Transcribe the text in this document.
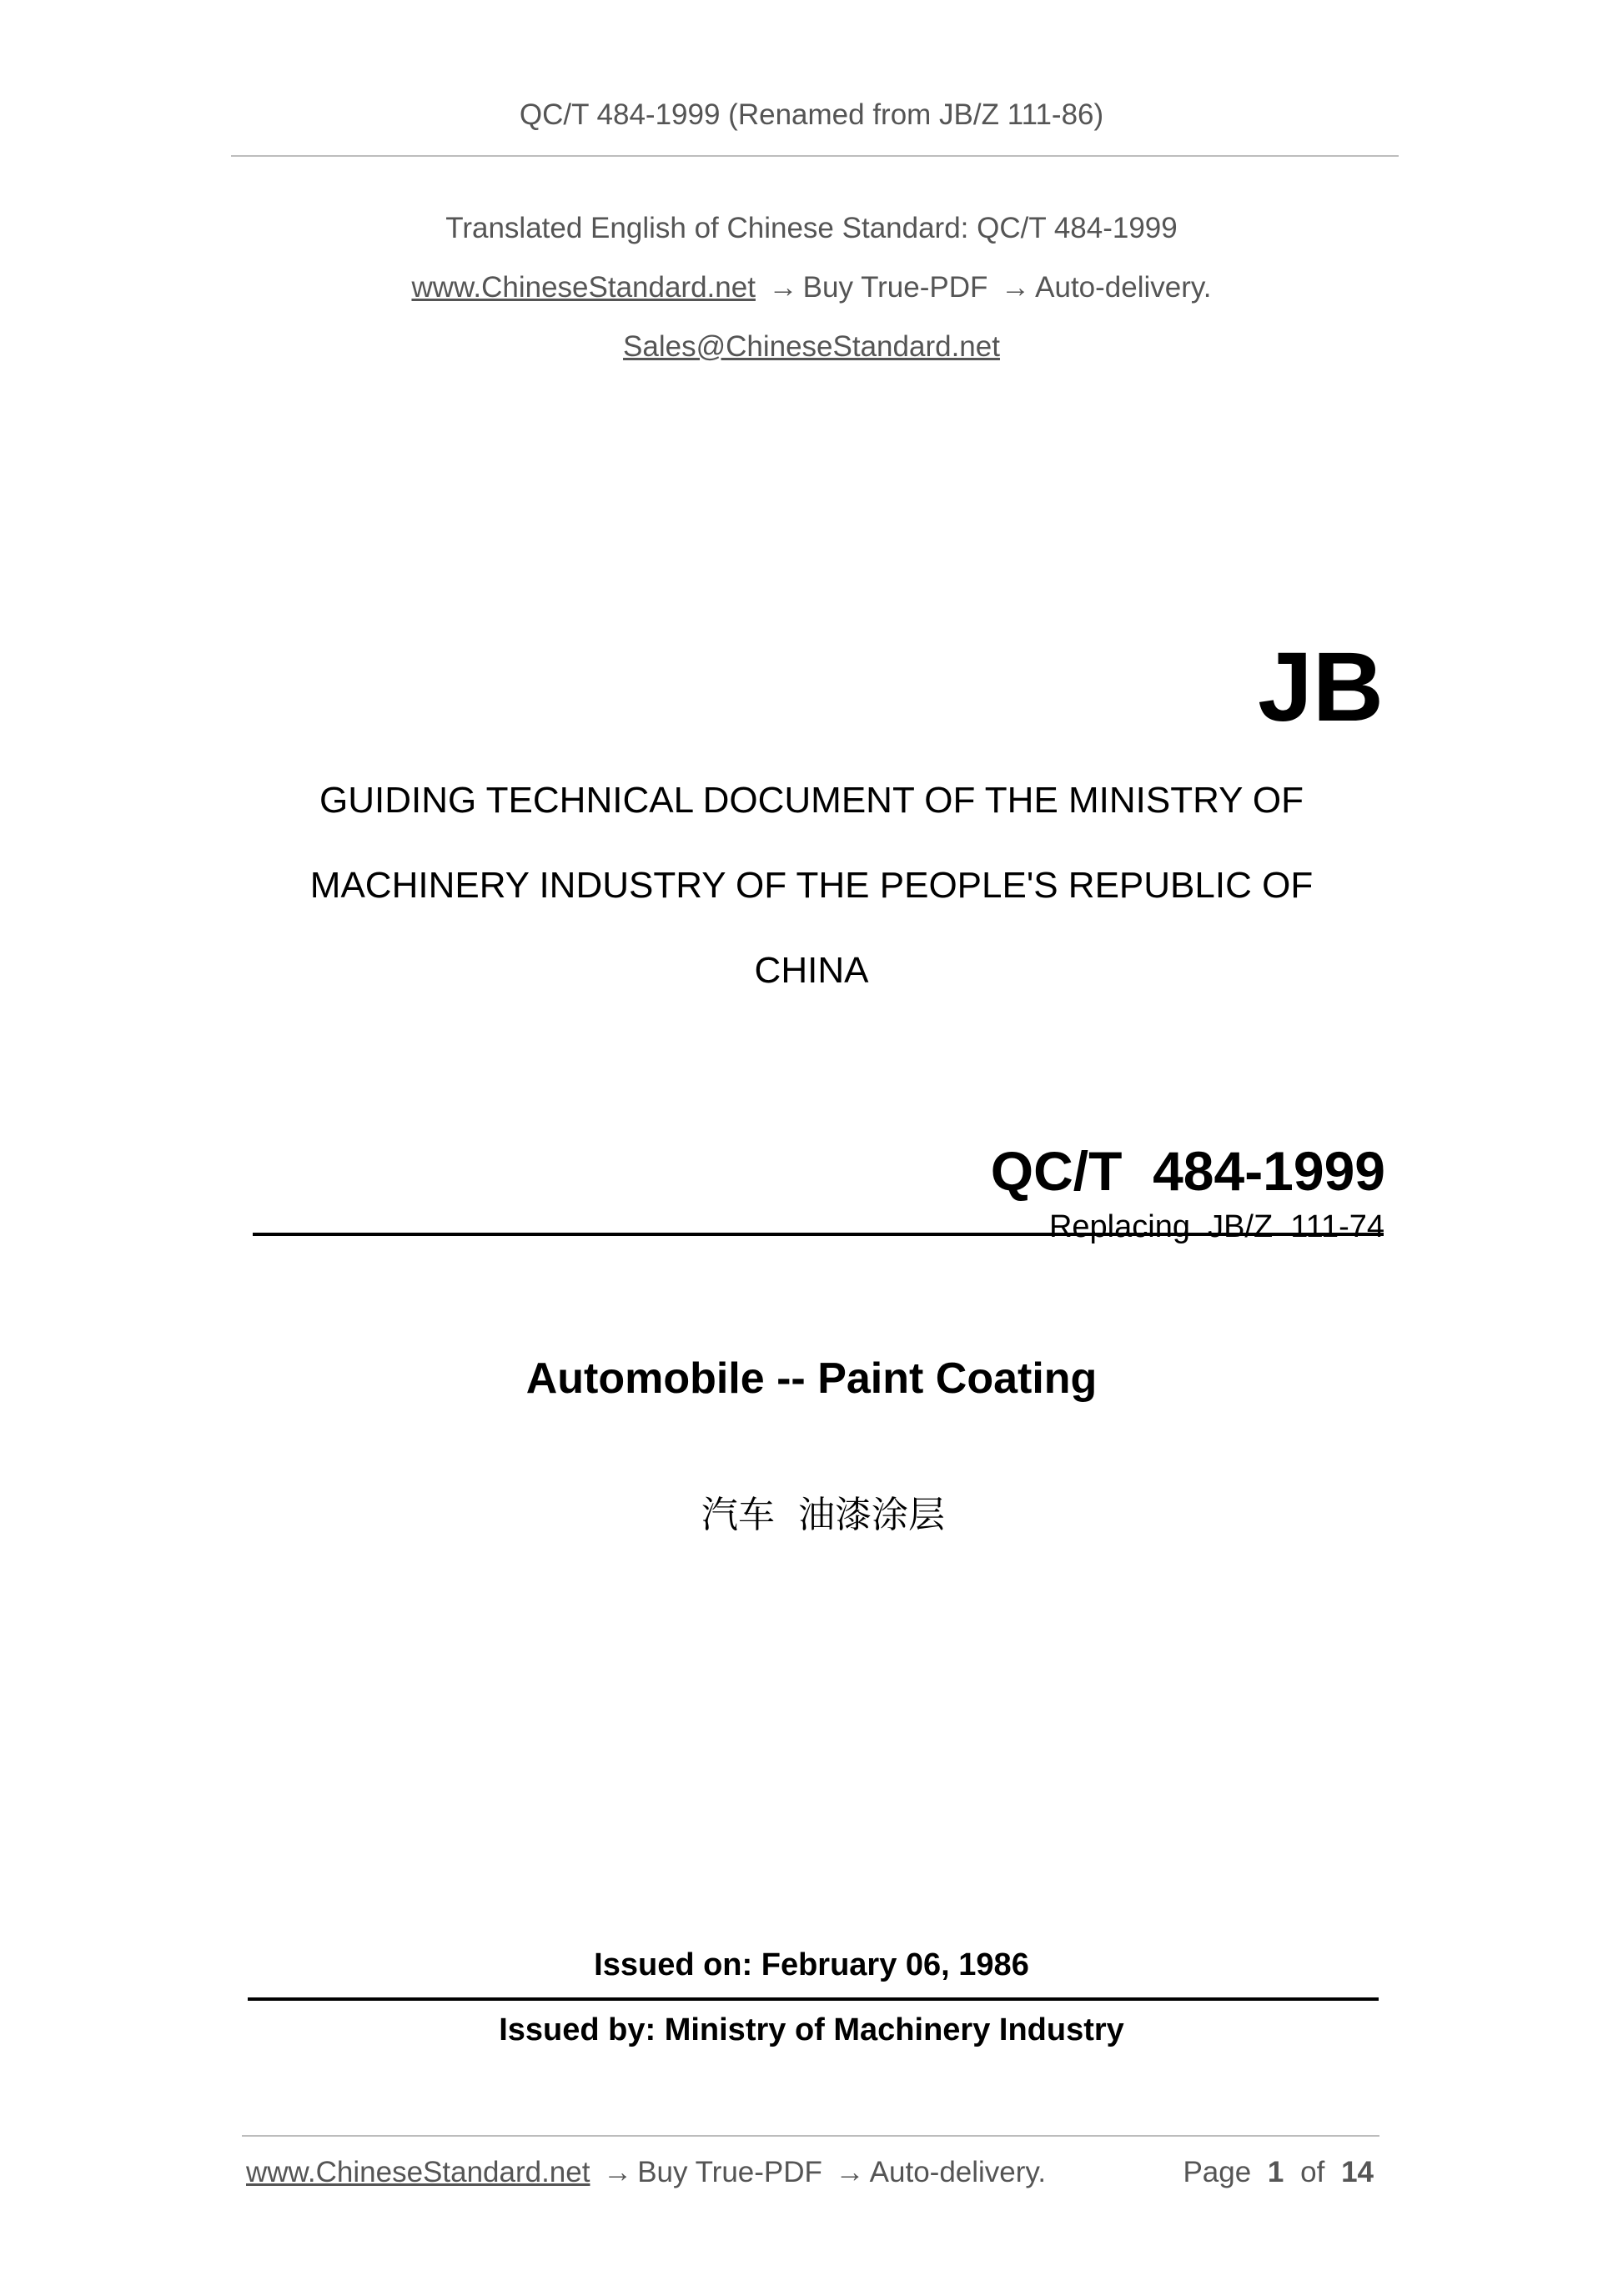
QC/T 484-1999 (Renamed from JB/Z 111-86)
Translated English of Chinese Standard: QC/T 484-1999
www.ChineseStandard.net → Buy True-PDF → Auto-delivery.
Sales@ChineseStandard.net
JB
GUIDING TECHNICAL DOCUMENT OF THE MINISTRY OF
MACHINERY INDUSTRY OF THE PEOPLE'S REPUBLIC OF
CHINA

QC/T  484-1999

Replacing  JB/Z  111-74

Automobile -- Paint Coating

汽车  油漆涂层

Issued on: February 06, 1986
Issued by: Ministry of Machinery Industry
www.ChineseStandard.net → Buy True-PDF → Auto-delivery.	Page 1 of 14
